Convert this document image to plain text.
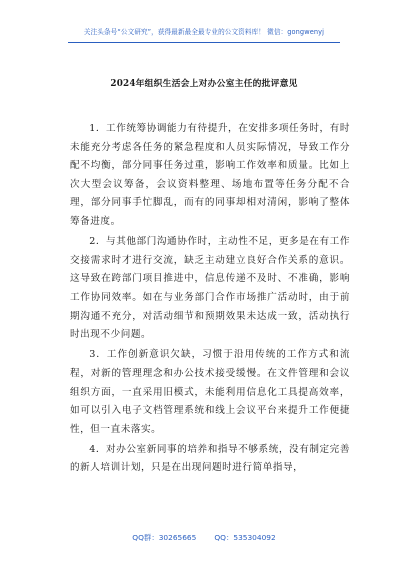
关注头条号“公文研究”，获得最新最全最专业的公文资料库！ 微信：gongwenyj
2024年组织生活会上对办公室主任的批评意见

1．工作统筹协调能力有待提升，在安排多项任务时，有时未能充分考虑各任务的紧急程度和人员实际情况，导致工作分配不均衡，部分同事任务过重，影响工作效率和质量。比如上次大型会议筹备，会议资料整理、场地布置等任务分配不合理，部分同事手忙脚乱，而有的同事却相对清闲，影响了整体筹备进度。

2．与其他部门沟通协作时，主动性不足，更多是在有工作交接需求时才进行交流，缺乏主动建立良好合作关系的意识。这导致在跨部门项目推进中，信息传递不及时、不准确，影响工作协同效率。如在与业务部门合作市场推广活动时，由于前期沟通不充分，对活动细节和预期效果未达成一致，活动执行时出现不少问题。

3．工作创新意识欠缺，习惯于沿用传统的工作方式和流程，对新的管理理念和办公技术接受缓慢。在文件管理和会议组织方面，一直采用旧模式，未能利用信息化工具提高效率，如可以引入电子文档管理系统和线上会议平台来提升工作便捷性，但一直未落实。

4．对办公室新同事的培养和指导不够系统，没有制定完善的新人培训计划，只是在出现问题时进行简单指导，

QQ群：30265665 QQ：535304092
